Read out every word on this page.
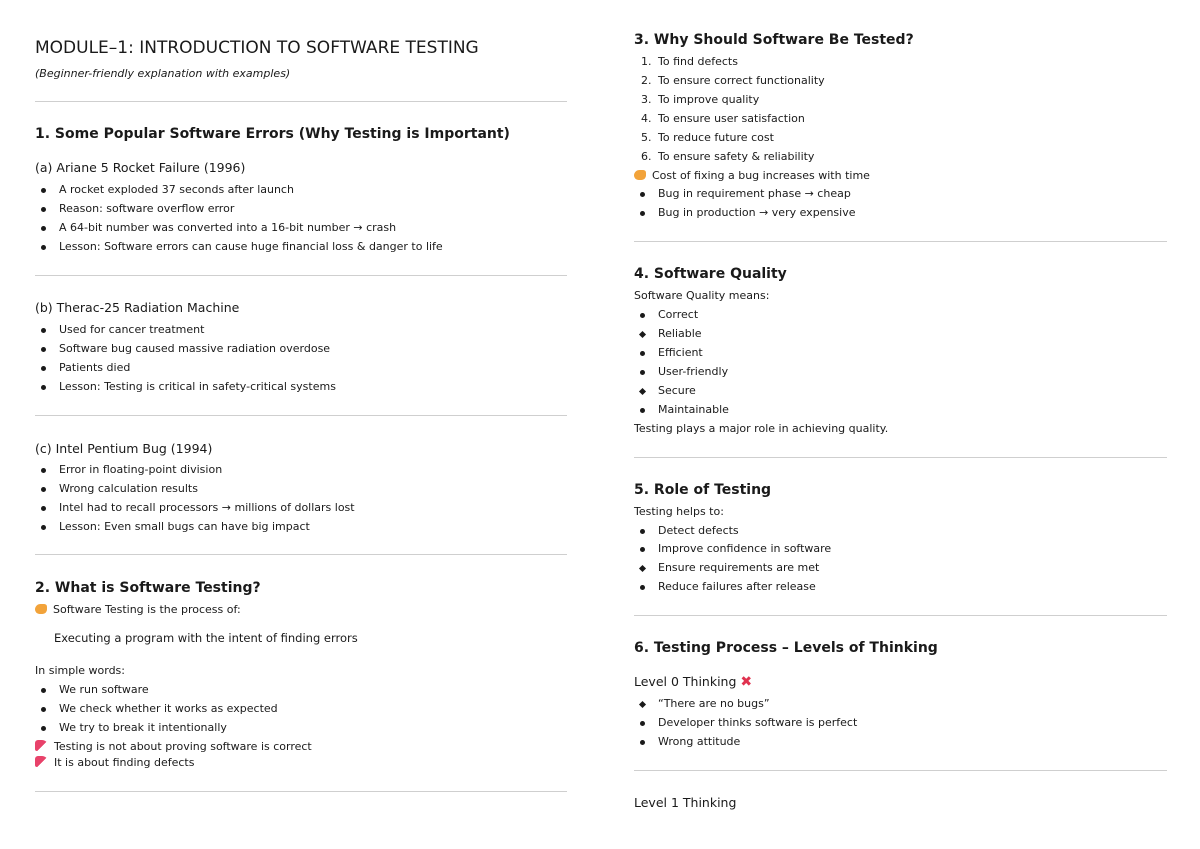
MODULE–1: INTRODUCTION TO SOFTWARE TESTING
(Beginner-friendly explanation with examples)
1. Some Popular Software Errors (Why Testing is Important)
(a) Ariane 5 Rocket Failure (1996)
A rocket exploded 37 seconds after launch
Reason: software overflow error
A 64-bit number was converted into a 16-bit number → crash
Lesson: Software errors can cause huge financial loss & danger to life
(b) Therac-25 Radiation Machine
Used for cancer treatment
Software bug caused massive radiation overdose
Patients died
Lesson: Testing is critical in safety-critical systems
(c) Intel Pentium Bug (1994)
Error in floating-point division
Wrong calculation results
Intel had to recall processors → millions of dollars lost
Lesson: Even small bugs can have big impact
2. What is Software Testing?
Software Testing is the process of:
Executing a program with the intent of finding errors
In simple words:
We run software
We check whether it works as expected
We try to break it intentionally
Testing is not about proving software is correct
It is about finding defects
3. Why Should Software Be Tested?
1. To find defects
2. To ensure correct functionality
3. To improve quality
4. To ensure user satisfaction
5. To reduce future cost
6. To ensure safety & reliability
Cost of fixing a bug increases with time
Bug in requirement phase → cheap
Bug in production → very expensive
4. Software Quality
Software Quality means:
Correct
Reliable
Efficient
User-friendly
Secure
Maintainable
Testing plays a major role in achieving quality.
5. Role of Testing
Testing helps to:
Detect defects
Improve confidence in software
Ensure requirements are met
Reduce failures after release
6. Testing Process – Levels of Thinking
Level 0 Thinking ✖
“There are no bugs”
Developer thinks software is perfect
Wrong attitude
Level 1 Thinking
